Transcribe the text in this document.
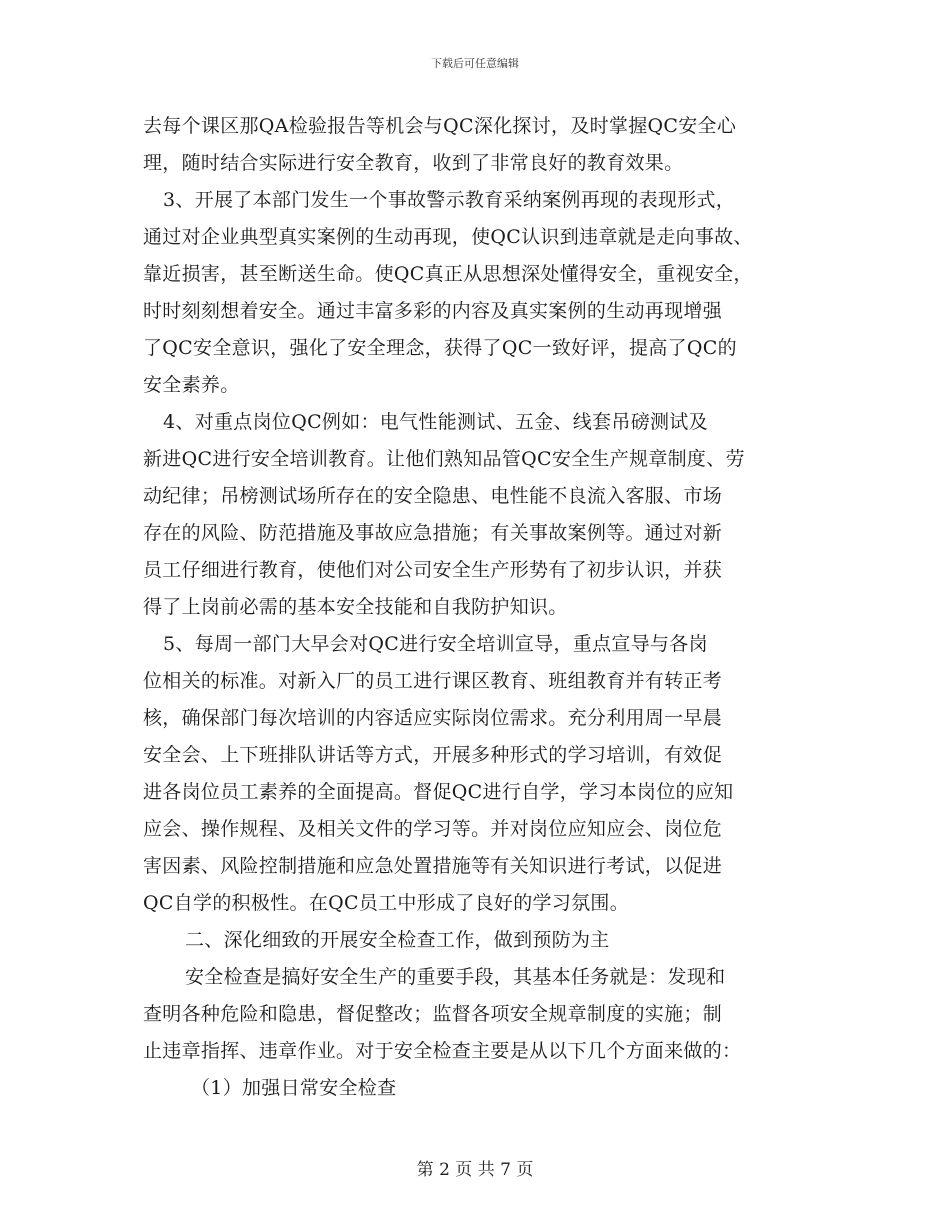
下载后可任意编辑
去每个课区那QA检验报告等机会与QC深化探讨，及时掌握QC安全心
理，随时结合实际进行安全教育，收到了非常良好的教育效果。
3、开展了本部门发生一个事故警示教育采纳案例再现的表现形式，
通过对企业典型真实案例的生动再现，使QC认识到违章就是走向事故、
靠近损害，甚至断送生命。使QC真正从思想深处懂得安全，重视安全，
时时刻刻想着安全。通过丰富多彩的内容及真实案例的生动再现增强
了QC安全意识，强化了安全理念，获得了QC一致好评，提高了QC的
安全素养。
4、对重点岗位QC例如：电气性能测试、五金、线套吊磅测试及
新进QC进行安全培训教育。让他们熟知品管QC安全生产规章制度、劳
动纪律；吊榜测试场所存在的安全隐患、电性能不良流入客服、市场
存在的风险、防范措施及事故应急措施；有关事故案例等。通过对新
员工仔细进行教育，使他们对公司安全生产形势有了初步认识，并获
得了上岗前必需的基本安全技能和自我防护知识。
5、每周一部门大早会对QC进行安全培训宣导，重点宣导与各岗
位相关的标准。对新入厂的员工进行课区教育、班组教育并有转正考
核，确保部门每次培训的内容适应实际岗位需求。充分利用周一早晨
安全会、上下班排队讲话等方式，开展多种形式的学习培训，有效促
进各岗位员工素养的全面提高。督促QC进行自学，学习本岗位的应知
应会、操作规程、及相关文件的学习等。并对岗位应知应会、岗位危
害因素、风险控制措施和应急处置措施等有关知识进行考试，以促进
QC自学的积极性。在QC员工中形成了良好的学习氛围。
二、深化细致的开展安全检查工作，做到预防为主
安全检查是搞好安全生产的重要手段，其基本任务就是：发现和
查明各种危险和隐患，督促整改；监督各项安全规章制度的实施；制
止违章指挥、违章作业。对于安全检查主要是从以下几个方面来做的：
（1）加强日常安全检查
第 2 页 共 7 页
